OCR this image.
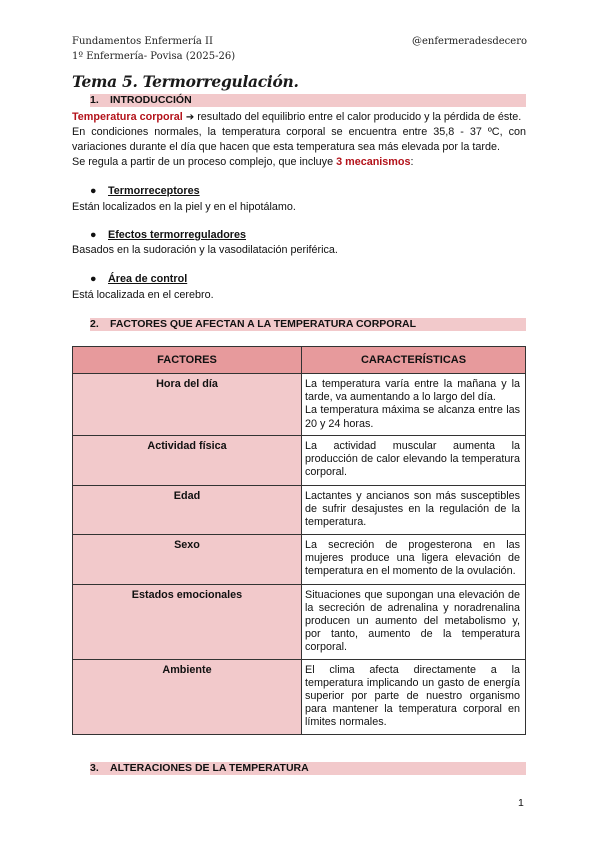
Fundamentos Enfermería II
1º Enfermería- Povisa (2025-26)
@enfermeradesdecero
Tema 5. Termorregulación.
1. INTRODUCCIÓN
Temperatura corporal ➔ resultado del equilibrio entre el calor producido y la pérdida de éste.
En condiciones normales, la temperatura corporal se encuentra entre 35,8 - 37 ºC, con variaciones durante el día que hacen que esta temperatura sea más elevada por la tarde.
Se regula a partir de un proceso complejo, que incluye 3 mecanismos:
● Termorreceptores
Están localizados en la piel y en el hipotálamo.
● Efectos termorreguladores
Basados en la sudoración y la vasodilatación periférica.
● Área de control
Está localizada en el cerebro.
2. FACTORES QUE AFECTAN A LA TEMPERATURA CORPORAL
FACTORES	CARACTERÍSTICAS
Hora del día	La temperatura varía entre la mañana y la tarde, va aumentando a lo largo del día.
La temperatura máxima se alcanza entre las 20 y 24 horas.
Actividad física	La actividad muscular aumenta la producción de calor elevando la temperatura corporal.
Edad	Lactantes y ancianos son más susceptibles de sufrir desajustes en la regulación de la temperatura.
Sexo	La secreción de progesterona en las mujeres produce una ligera elevación de temperatura en el momento de la ovulación.
Estados emocionales	Situaciones que supongan una elevación de la secreción de adrenalina y noradrenalina producen un aumento del metabolismo y, por tanto, aumento de la temperatura corporal.
Ambiente	El clima afecta directamente a la temperatura implicando un gasto de energía superior por parte de nuestro organismo para mantener la temperatura corporal en límites normales.
3. ALTERACIONES DE LA TEMPERATURA
1
